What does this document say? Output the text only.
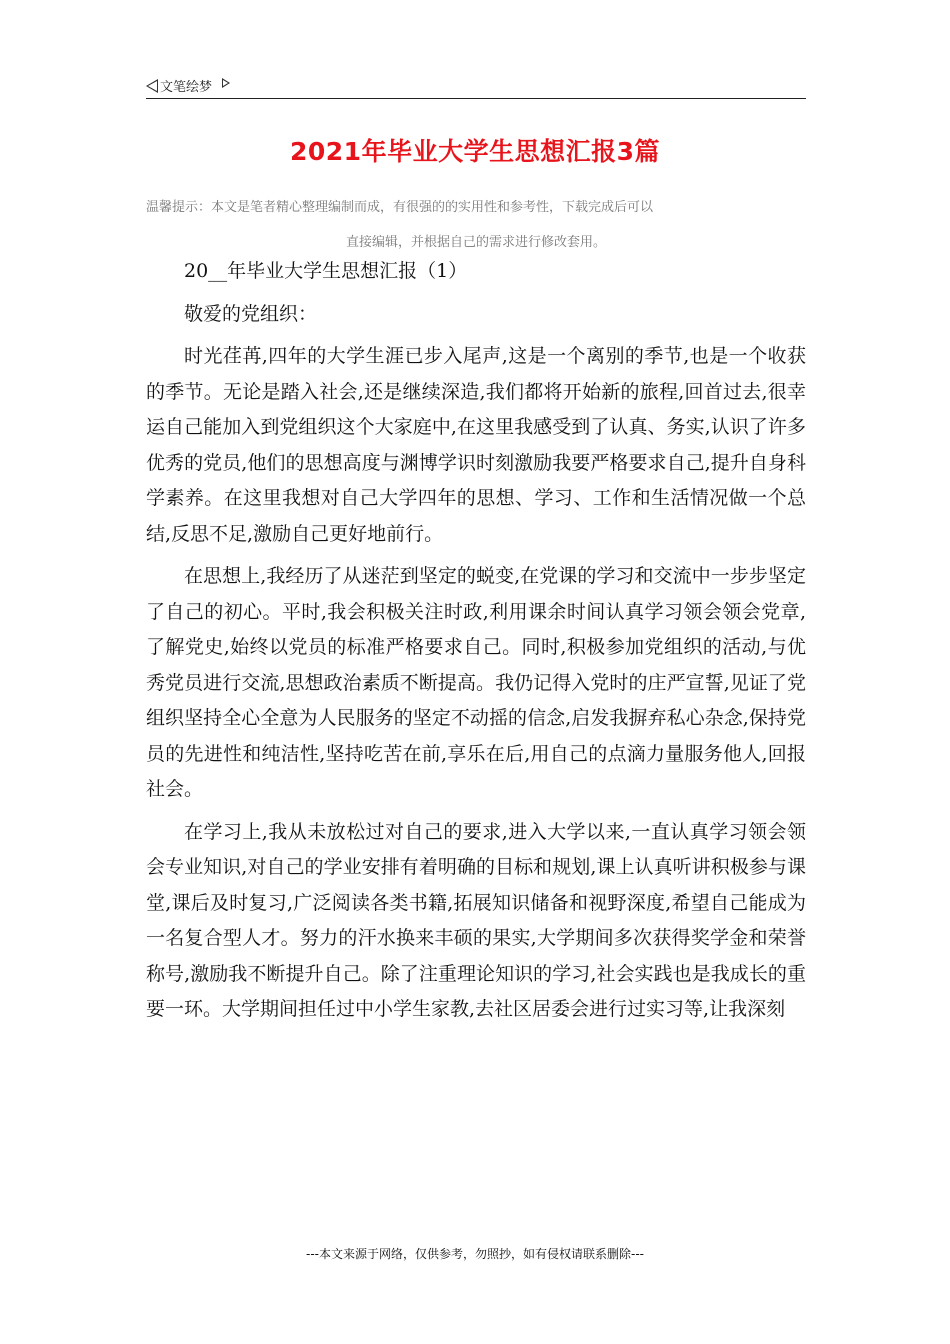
文笔绘梦
2021年毕业大学生思想汇报3篇
温馨提示：本文是笔者精心整理编制而成，有很强的的实用性和参考性，下载完成后可以
直接编辑，并根据自己的需求进行修改套用。

20__年毕业大学生思想汇报（1）

敬爱的党组织：

时光荏苒,四年的大学生涯已步入尾声,这是一个离别的季节,也是一个收获的季节。无论是踏入社会,还是继续深造,我们都将开始新的旅程,回首过去,很幸运自己能加入到党组织这个大家庭中,在这里我感受到了认真、务实,认识了许多优秀的党员,他们的思想高度与渊博学识时刻激励我要严格要求自己,提升自身科学素养。在这里我想对自己大学四年的思想、学习、工作和生活情况做一个总结,反思不足,激励自己更好地前行。

在思想上,我经历了从迷茫到坚定的蜕变,在党课的学习和交流中一步步坚定了自己的初心。平时,我会积极关注时政,利用课余时间认真学习领会领会党章,了解党史,始终以党员的标准严格要求自己。同时,积极参加党组织的活动,与优秀党员进行交流,思想政治素质不断提高。我仍记得入党时的庄严宣誓,见证了党组织坚持全心全意为人民服务的坚定不动摇的信念,启发我摒弃私心杂念,保持党员的先进性和纯洁性,坚持吃苦在前,享乐在后,用自己的点滴力量服务他人,回报社会。

在学习上,我从未放松过对自己的要求,进入大学以来,一直认真学习领会领会专业知识,对自己的学业安排有着明确的目标和规划,课上认真听讲积极参与课堂,课后及时复习,广泛阅读各类书籍,拓展知识储备和视野深度,希望自己能成为一名复合型人才。努力的汗水换来丰硕的果实,大学期间多次获得奖学金和荣誉称号,激励我不断提升自己。除了注重理论知识的学习,社会实践也是我成长的重要一环。大学期间担任过中小学生家教,去社区居委会进行过实习等,让我深刻

---本文来源于网络，仅供参考，勿照抄，如有侵权请联系删除---
